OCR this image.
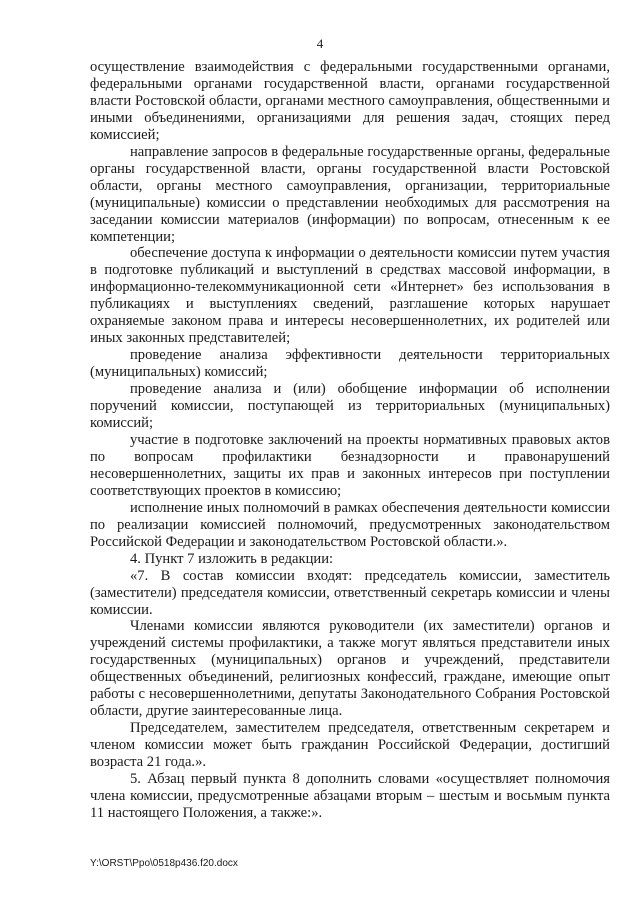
4

осуществление взаимодействия с федеральными государственными органами, федеральными органами государственной власти, органами государственной власти Ростовской области, органами местного самоуправления, общественными и иными объединениями, организациями для решения задач, стоящих перед комиссией;

направление запросов в федеральные государственные органы, федеральные органы государственной власти, органы государственной власти Ростовской области, органы местного самоуправления, организации, территориальные (муниципальные) комиссии о представлении необходимых для рассмотрения на заседании комиссии материалов (информации) по вопросам, отнесенным к ее компетенции;

обеспечение доступа к информации о деятельности комиссии путем участия в подготовке публикаций и выступлений в средствах массовой информации, в информационно-телекоммуникационной сети «Интернет» без использования в публикациях и выступлениях сведений, разглашение которых нарушает охраняемые законом права и интересы несовершеннолетних, их родителей или иных законных представителей;

проведение анализа эффективности деятельности территориальных (муниципальных) комиссий;

проведение анализа и (или) обобщение информации об исполнении поручений комиссии, поступающей из территориальных (муниципальных) комиссий;

участие в подготовке заключений на проекты нормативных правовых актов по вопросам профилактики безнадзорности и правонарушений несовершеннолетних, защиты их прав и законных интересов при поступлении соответствующих проектов в комиссию;

исполнение иных полномочий в рамках обеспечения деятельности комиссии по реализации комиссией полномочий, предусмотренных законодательством Российской Федерации и законодательством Ростовской области.».

4. Пункт 7 изложить в редакции:

«7. В состав комиссии входят: председатель комиссии, заместитель (заместители) председателя комиссии, ответственный секретарь комиссии и члены комиссии.

Членами комиссии являются руководители (их заместители) органов и учреждений системы профилактики, а также могут являться представители иных государственных (муниципальных) органов и учреждений, представители общественных объединений, религиозных конфессий, граждане, имеющие опыт работы с несовершеннолетними, депутаты Законодательного Собрания Ростовской области, другие заинтересованные лица.

Председателем, заместителем председателя, ответственным секретарем и членом комиссии может быть гражданин Российской Федерации, достигший возраста 21 года.».

5. Абзац первый пункта 8 дополнить словами «осуществляет полномочия члена комиссии, предусмотренные абзацами вторым – шестым и восьмым пункта 11 настоящего Положения, а также:».

Y:\ORST\Ppo\0518p436.f20.docx
